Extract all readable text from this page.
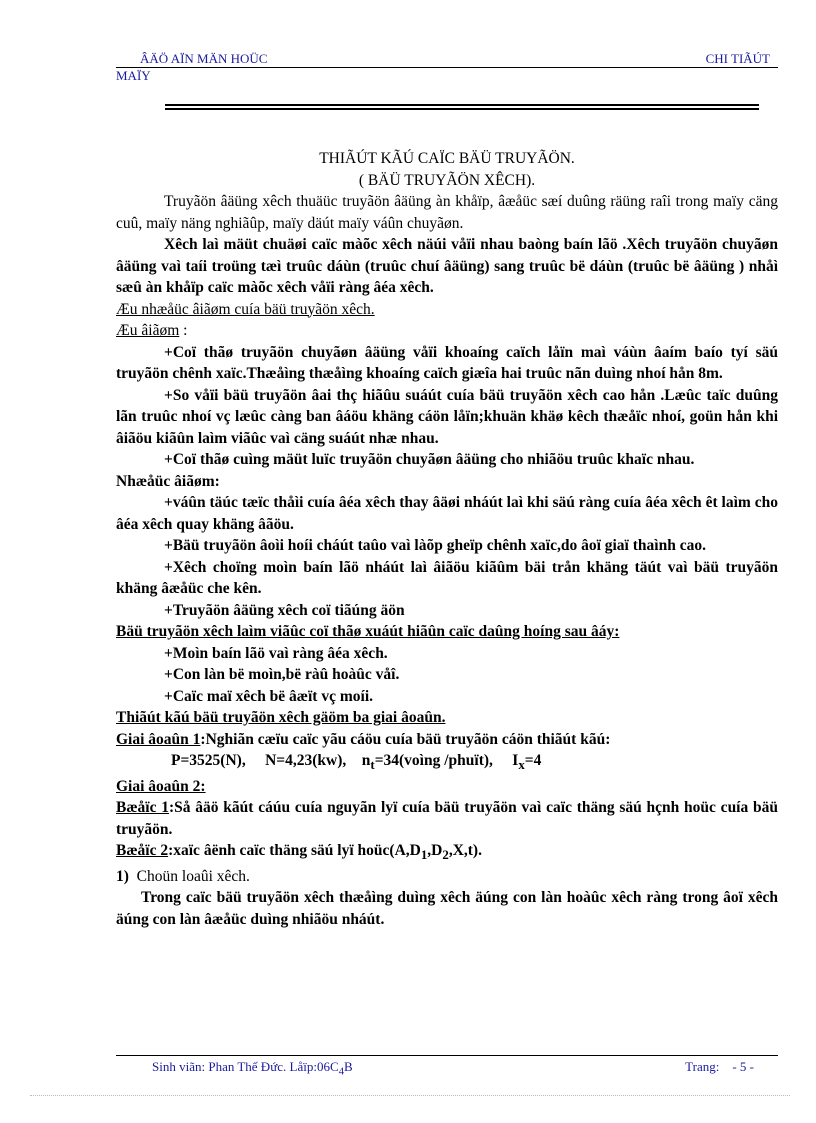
ÂÄÖ AÏN MÄN HOÜC	CHI TIÃÚT
MAÏY
THIÃÚT KÃÚ CAÏC BÄÜ TRUYÃÖN.
( BÄÜ TRUYÃÖN XÊCH).

Truyãön âäüng xêch thuäüc truyãön âäüng àn khåïp, âæåüc sæí duûng räüng raîi trong maïy cäng cuû, maïy näng nghiãûp, maïy däút maïy váûn chuyãøn.

Xêch laì mäüt chuäøi caïc màõc xêch näúi våïi nhau baòng baín lãö .Xêch truyãön chuyãøn âäüng vaì taíi troüng tæì truûc dáùn (truûc chuí âäüng) sang truûc bë dáùn (truûc bë âäüng ) nhåì sæû àn khåïp caïc màõc xêch våïi ràng âéa xêch.

Æu nhæåüc âiãøm cuía bäü truyãön xêch.

Æu âiãøm :

+Coï thãø truyãön chuyãøn âäüng våïi khoaíng caïch låïn maì váùn âaím baío tyí säú truyãön chênh xaïc.Thæåìng thæåìng khoaíng caïch giæîa hai truûc nãn duìng nhoí hån 8m.

+So våïi bäü truyãön âai thç hiãûu suáút cuía bäü truyãön xêch cao hån .Læûc taïc duûng lãn truûc nhoí vç læûc càng ban âáöu khäng cáön låïn;khuän khäø kêch thæåïc nhoí, goün hån khi âiãöu kiãûn laìm viãûc vaì cäng suáút nhæ nhau.

+Coï thãø cuìng mäüt luïc truyãön chuyãøn âäüng cho nhiãöu truûc khaïc nhau.

Nhæåüc âiãøm:

+váûn täúc tæïc thåìi cuía âéa xêch thay âäøi nháút laì khi säú ràng cuía âéa xêch êt laìm cho âéa xêch quay khäng âãöu.

+Bäü truyãön âoìi hoíi cháút taûo vaì làõp gheïp chênh xaïc,do âoï giaï thaình cao.

+Xêch choïng moìn baín lãö nháút laì âiãöu kiãûm bäi trån khäng täút vaì bäü truyãön khäng âæåüc che kên.

+Truyãön âäüng xêch coï tiãúng äön

Bäü truyãön xêch laìm viãûc coï thãø xuáút hiãûn caïc daûng hoíng sau âáy:

+Moìn baín lãö vaì ràng âéa xêch.

+Con làn bë moìn,bë ràû hoàûc våî.

+Caïc maï xêch bë âæït vç moíi.

Thiãút kãú bäü truyãön xêch gäöm ba giai âoaûn.

Giai âoaûn 1:Nghiãn cæïu caïc yãu cáöu cuía bäü truyãön cáön thiãút kãú:

P=3525(N), N=4,23(kw), $n_t=34(voìng$ /phuït), $I_x=4$

Giai âoaûn 2:

Bæåïc 1:Så âäö kãút cáúu cuía nguyãn lyï cuía bäü truyãön vaì caïc thäng säú hçnh hoüc cuía bäü truyãön.

Bæåïc 2:xaïc âënh caïc thäng säú lyï $hoüc(A,D_1,D_2,X,t)$.

1) Choün loaûi xêch.

Trong caïc bäü truyãön xêch thæåìng duìng xêch äúng con làn hoàûc xêch ràng trong âoï xêch äúng con làn âæåüc duìng nhiãöu nháút.

Sinh viãn: Phan Thế Đức. $Låïp:06C_4B$	Trang:    - 5 -
